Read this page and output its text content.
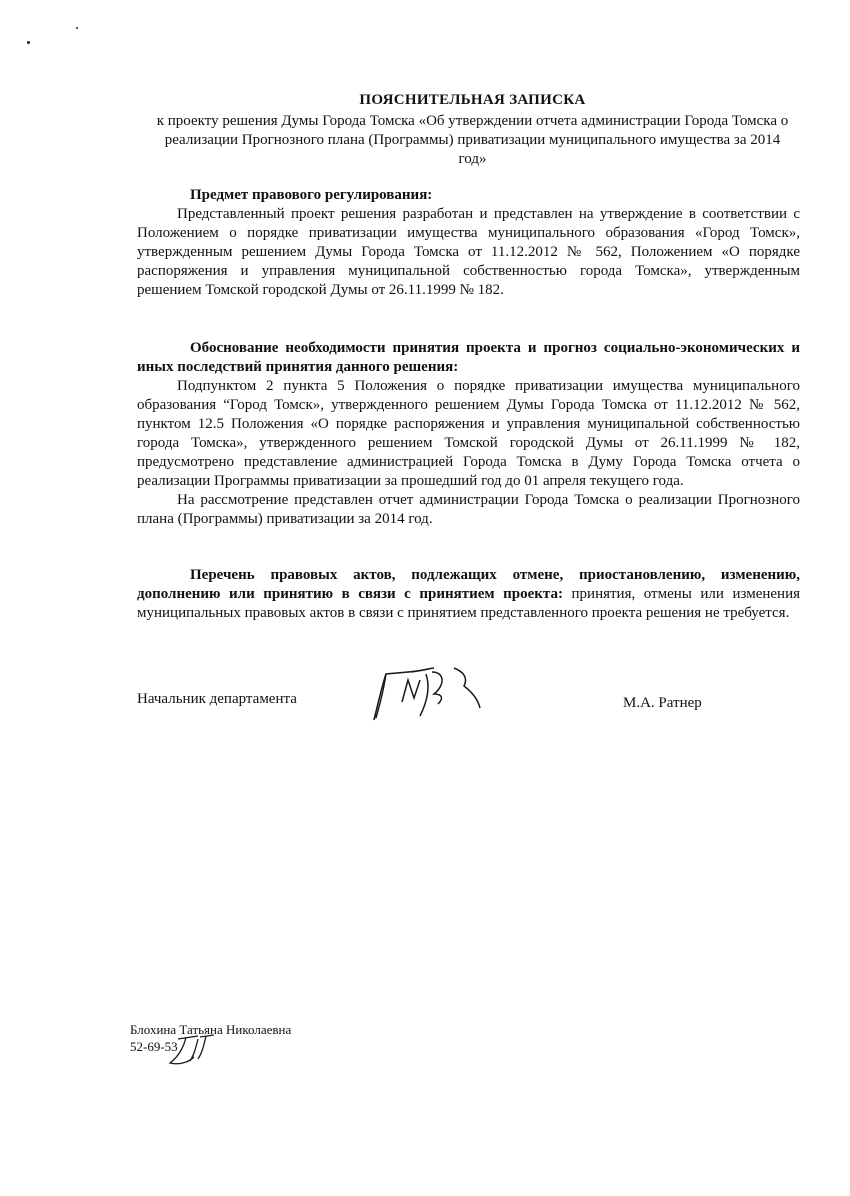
ПОЯСНИТЕЛЬНАЯ ЗАПИСКА
к проекту решения Думы Города Томска «Об утверждении отчета администрации Города Томска о реализации Прогнозного плана (Программы) приватизации муниципального имущества за 2014 год»
Предмет правового регулирования:

Представленный проект решения разработан и представлен на утверждение в соответствии с Положением о порядке приватизации имущества муниципального образования «Город Томск», утвержденным решением Думы Города Томска от 11.12.2012 № 562, Положением «О порядке распоряжения и управления муниципальной собственностью города Томска», утвержденным решением Томской городской Думы от 26.11.1999 № 182.

Обоснование необходимости принятия проекта и прогноз социально-экономических и иных последствий принятия данного решения:

Подпунктом 2 пункта 5 Положения о порядке приватизации имущества муниципального образования “Город Томск», утвержденного решением Думы Города Томска от 11.12.2012 № 562, пунктом 12.5 Положения «О порядке распоряжения и управления муниципальной собственностью города Томска», утвержденного решением Томской городской Думы от 26.11.1999 № 182, предусмотрено представление администрацией Города Томска в Думу Города Томска отчета о реализации Программы приватизации за прошедший год до 01 апреля текущего года.

На рассмотрение представлен отчет администрации Города Томска о реализации Прогнозного плана (Программы) приватизации за 2014 год.

Перечень правовых актов, подлежащих отмене, приостановлению, изменению, дополнению или принятию в связи с принятием проекта: принятия, отмены или изменения муниципальных правовых актов в связи с принятием представленного проекта решения не требуется.

Начальник департамента	М.А. Ратнер
Блохина Татьяна Николаевна
52-69-53
